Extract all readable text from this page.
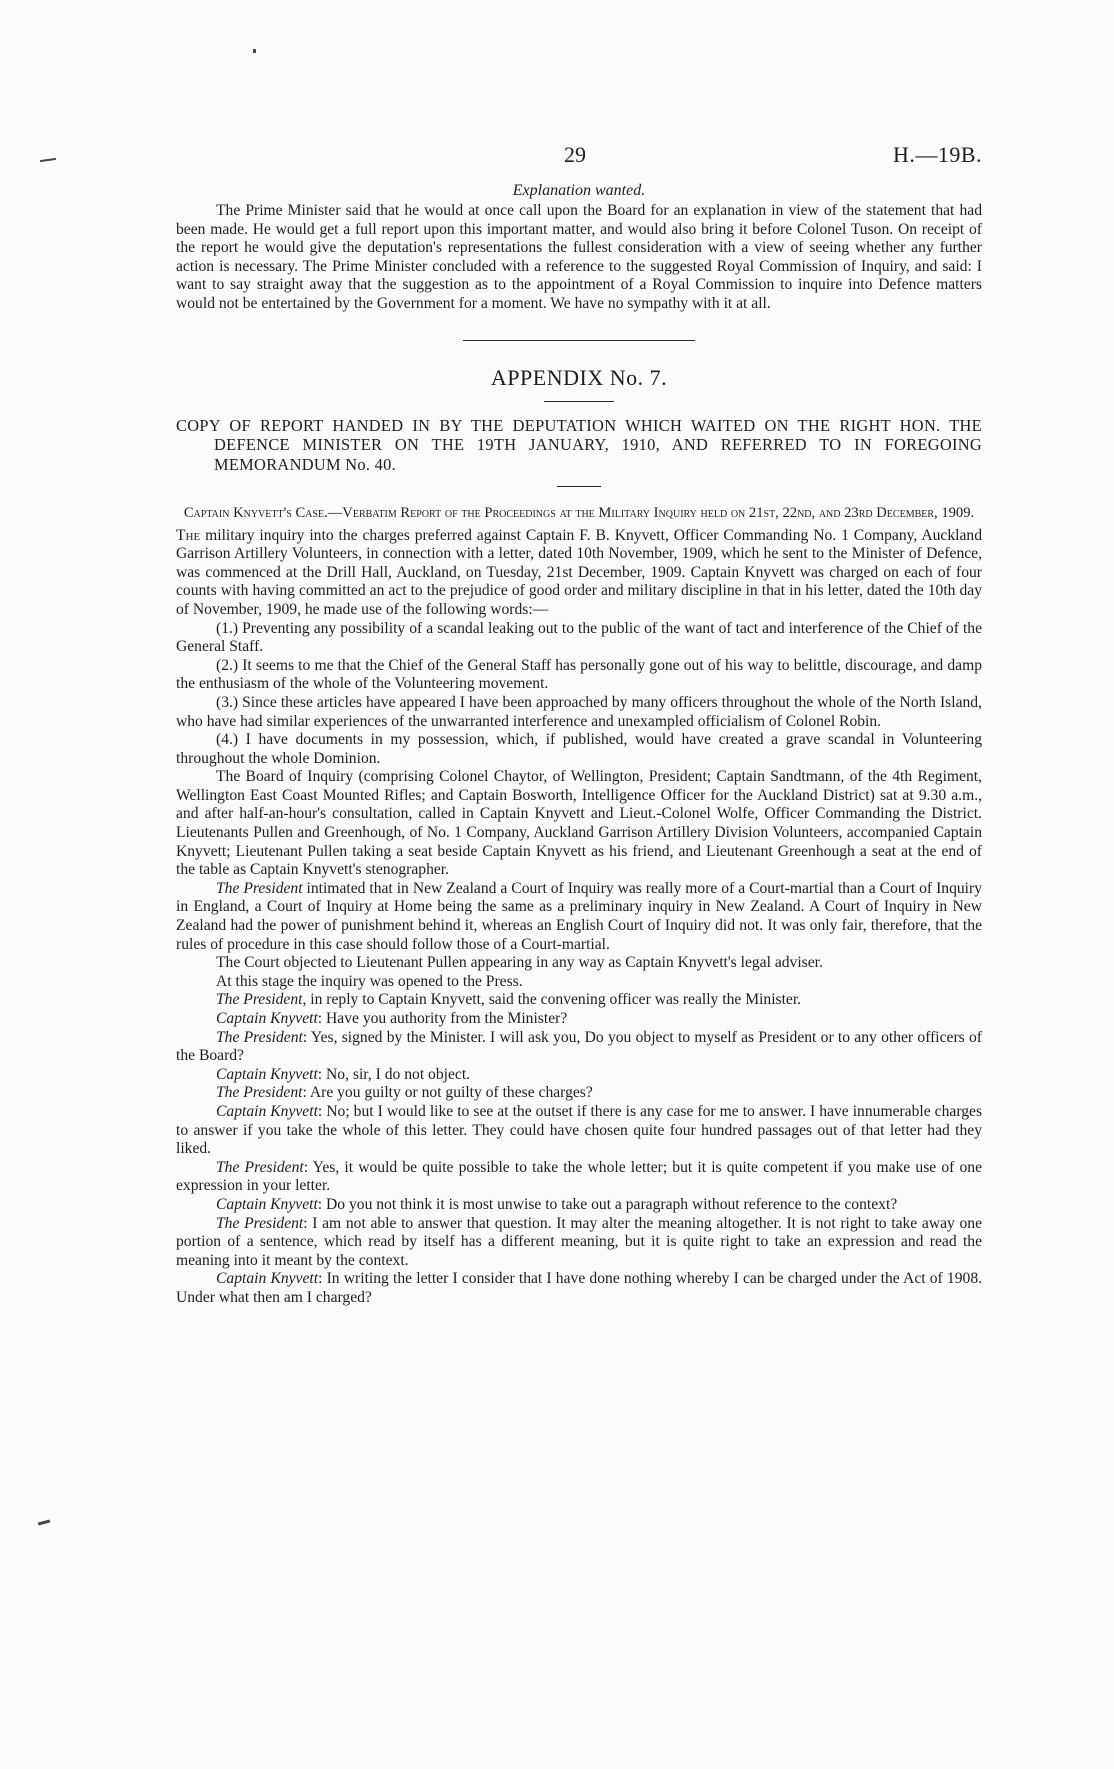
29	H.—19B.
Explanation wanted.

The Prime Minister said that he would at once call upon the Board for an explanation in view of the statement that had been made. He would get a full report upon this important matter, and would also bring it before Colonel Tuson. On receipt of the report he would give the deputation's representations the fullest consideration with a view of seeing whether any further action is necessary. The Prime Minister concluded with a reference to the suggested Royal Commission of Inquiry, and said: I want to say straight away that the suggestion as to the appointment of a Royal Commission to inquire into Defence matters would not be entertained by the Government for a moment. We have no sympathy with it at all.

APPENDIX No. 7.
COPY OF REPORT HANDED IN BY THE DEPUTATION WHICH WAITED ON THE RIGHT HON. THE DEFENCE MINISTER ON THE 19TH JANUARY, 1910, AND REFERRED TO IN FOREGOING MEMORANDUM No. 40.
Captain Knyvett's Case.—Verbatim Report of the Proceedings at the Military Inquiry held on 21st, 22nd, and 23rd December, 1909.

The military inquiry into the charges preferred against Captain F. B. Knyvett, Officer Commanding No. 1 Company, Auckland Garrison Artillery Volunteers, in connection with a letter, dated 10th November, 1909, which he sent to the Minister of Defence, was commenced at the Drill Hall, Auckland, on Tuesday, 21st December, 1909. Captain Knyvett was charged on each of four counts with having committed an act to the prejudice of good order and military discipline in that in his letter, dated the 10th day of November, 1909, he made use of the following words:—

(1.) Preventing any possibility of a scandal leaking out to the public of the want of tact and interference of the Chief of the General Staff.

(2.) It seems to me that the Chief of the General Staff has personally gone out of his way to belittle, discourage, and damp the enthusiasm of the whole of the Volunteering movement.

(3.) Since these articles have appeared I have been approached by many officers throughout the whole of the North Island, who have had similar experiences of the unwarranted interference and unexampled officialism of Colonel Robin.

(4.) I have documents in my possession, which, if published, would have created a grave scandal in Volunteering throughout the whole Dominion.

The Board of Inquiry (comprising Colonel Chaytor, of Wellington, President; Captain Sandtmann, of the 4th Regiment, Wellington East Coast Mounted Rifles; and Captain Bosworth, Intelligence Officer for the Auckland District) sat at 9.30 a.m., and after half-an-hour's consultation, called in Captain Knyvett and Lieut.-Colonel Wolfe, Officer Commanding the District. Lieutenants Pullen and Greenhough, of No. 1 Company, Auckland Garrison Artillery Division Volunteers, accompanied Captain Knyvett; Lieutenant Pullen taking a seat beside Captain Knyvett as his friend, and Lieutenant Greenhough a seat at the end of the table as Captain Knyvett's stenographer.

The President intimated that in New Zealand a Court of Inquiry was really more of a Court-martial than a Court of Inquiry in England, a Court of Inquiry at Home being the same as a preliminary inquiry in New Zealand. A Court of Inquiry in New Zealand had the power of punishment behind it, whereas an English Court of Inquiry did not. It was only fair, therefore, that the rules of procedure in this case should follow those of a Court-martial.

The Court objected to Lieutenant Pullen appearing in any way as Captain Knyvett's legal adviser.

At this stage the inquiry was opened to the Press.

The President, in reply to Captain Knyvett, said the convening officer was really the Minister.

Captain Knyvett: Have you authority from the Minister?

The President: Yes, signed by the Minister. I will ask you, Do you object to myself as President or to any other officers of the Board?

Captain Knyvett: No, sir, I do not object.

The President: Are you guilty or not guilty of these charges?

Captain Knyvett: No; but I would like to see at the outset if there is any case for me to answer. I have innumerable charges to answer if you take the whole of this letter. They could have chosen quite four hundred passages out of that letter had they liked.

The President: Yes, it would be quite possible to take the whole letter; but it is quite competent if you make use of one expression in your letter.

Captain Knyvett: Do you not think it is most unwise to take out a paragraph without reference to the context?

The President: I am not able to answer that question. It may alter the meaning altogether. It is not right to take away one portion of a sentence, which read by itself has a different meaning, but it is quite right to take an expression and read the meaning into it meant by the context.

Captain Knyvett: In writing the letter I consider that I have done nothing whereby I can be charged under the Act of 1908. Under what then am I charged?
